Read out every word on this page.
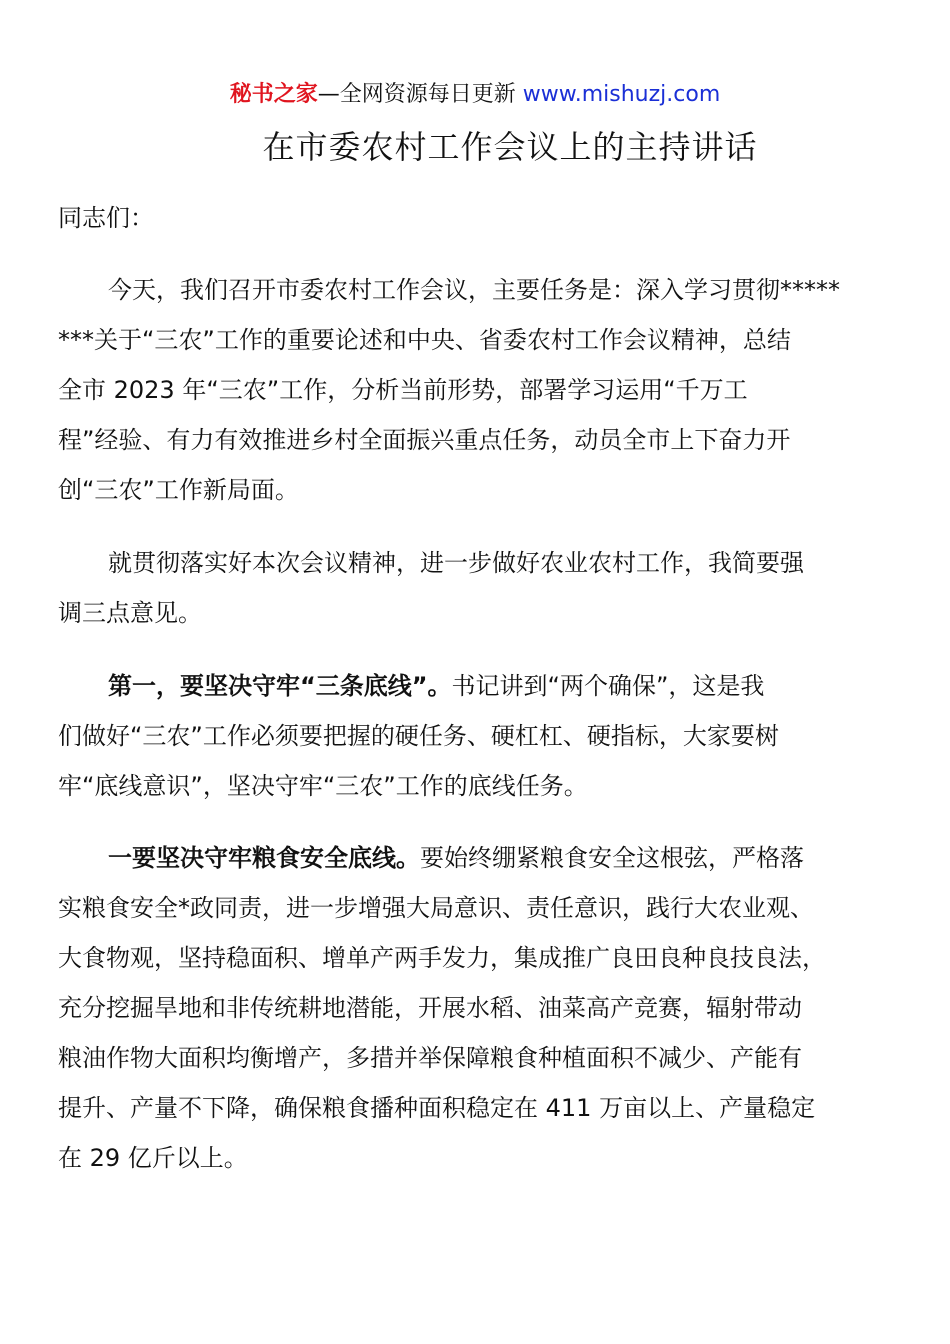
秘书之家—全网资源每日更新 www.mishuzj.com
在市委农村工作会议上的主持讲话
同志们：
今天，我们召开市委农村工作会议，主要任务是：深入学习贯彻*****
***关于“三农”工作的重要论述和中央、省委农村工作会议精神，总结
全市 2023 年“三农”工作，分析当前形势，部署学习运用“千万工
程”经验、有力有效推进乡村全面振兴重点任务，动员全市上下奋力开
创“三农”工作新局面。
就贯彻落实好本次会议精神，进一步做好农业农村工作，我简要强
调三点意见。
第一，要坚决守牢“三条底线”。书记讲到“两个确保”，这是我
们做好“三农”工作必须要把握的硬任务、硬杠杠、硬指标，大家要树
牢“底线意识”，坚决守牢“三农”工作的底线任务。
一要坚决守牢粮食安全底线。要始终绷紧粮食安全这根弦，严格落
实粮食安全*政同责，进一步增强大局意识、责任意识，践行大农业观、
大食物观，坚持稳面积、增单产两手发力，集成推广良田良种良技良法，
充分挖掘旱地和非传统耕地潜能，开展水稻、油菜高产竞赛，辐射带动
粮油作物大面积均衡增产，多措并举保障粮食种植面积不减少、产能有
提升、产量不下降，确保粮食播种面积稳定在 411 万亩以上、产量稳定
在 29 亿斤以上。
